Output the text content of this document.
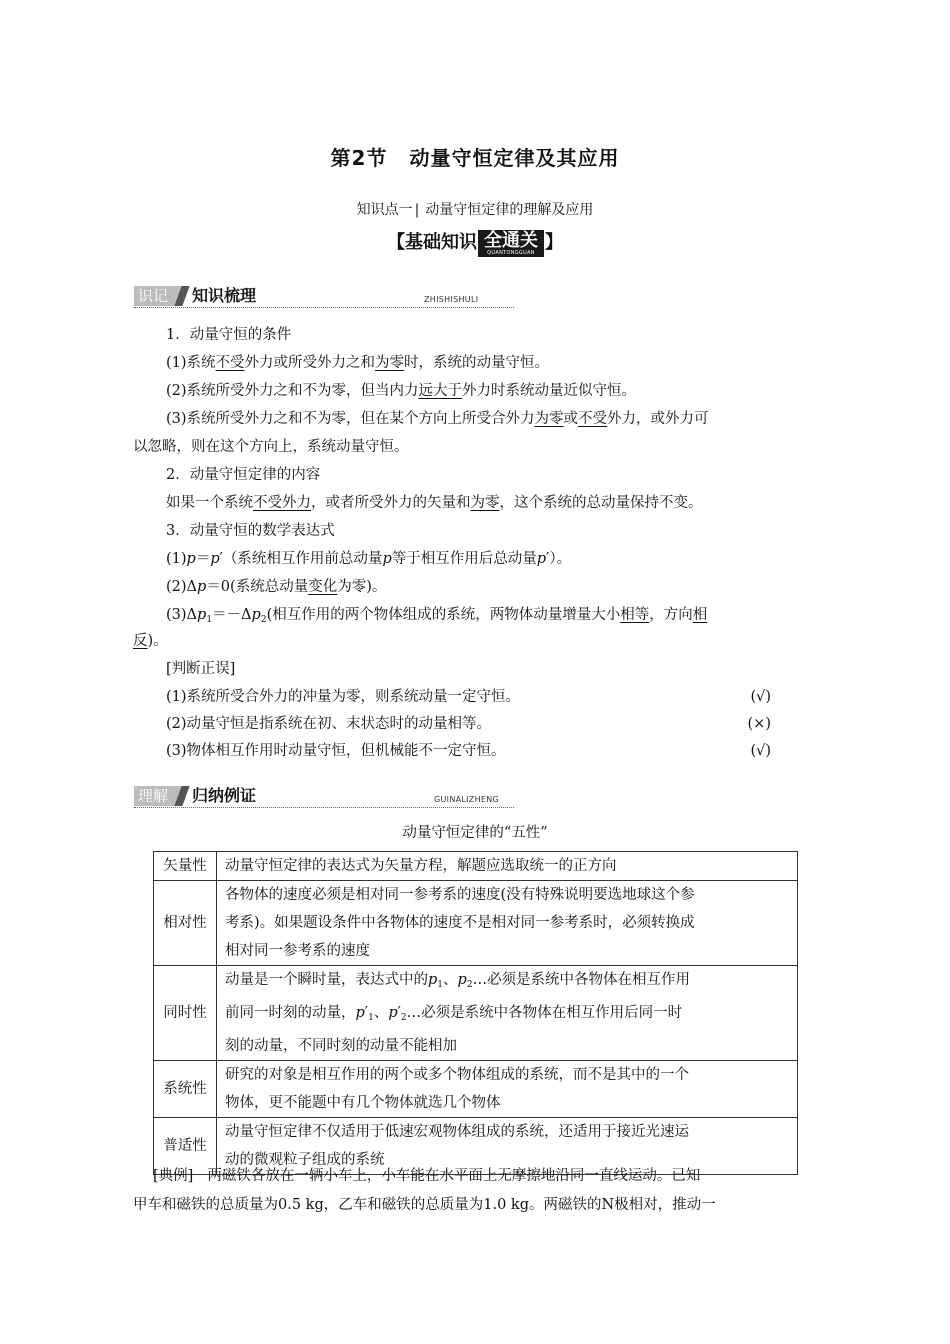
第2节 动量守恒定律及其应用
知识点一 | 动量守恒定律的理解及应用
【基础知识 全通关
QUANTONGGUAN 】
识记	知识梳理	ZHISHISHULI
1．动量守恒的条件
(1)系统不受外力或所受外力之和为零时，系统的动量守恒。
(2)系统所受外力之和不为零，但当内力远大于外力时系统动量近似守恒。
(3)系统所受外力之和不为零，但在某个方向上所受合外力为零或不受外力，或外力可
以忽略，则在这个方向上，系统动量守恒。
2．动量守恒定律的内容
如果一个系统不受外力，或者所受外力的矢量和为零，这个系统的总动量保持不变。
3．动量守恒的数学表达式
(1)p＝p′（系统相互作用前总动量p等于相互作用后总动量p′）。
(2)Δp＝0(系统总动量变化为零)。
$(3)\Delta p_1=-\Delta p_2$(相互作用的两个物体组成的系统，两物体动量增量大小相等，方向相
反)。
[判断正误]
(1)系统所受合外力的冲量为零，则系统动量一定守恒。	(√)
(2)动量守恒是指系统在初、末状态时的动量相等。	(×)
(3)物体相互作用时动量守恒，但机械能不一定守恒。	(√)
理解	归纳例证	GUINALIZHENG
动量守恒定律的“五性”
矢量性	动量守恒定律的表达式为矢量方程，解题应选取统一的正方向

相对性	各物体的速度必须是相对同一参考系的速度(没有特殊说明要选地球这个参
考系)。如果题设条件中各物体的速度不是相对同一参考系时，必须转换成
相对同一参考系的速度

同时性	动量是一个瞬时量，表达式中的$p_1$、$p_2\dots$必须是系统中各物体在相互作用
前同一时刻的动量，$p'_1$、$p'_2\dots$必须是系统中各物体在相互作用后同一时
刻的动量，不同时刻的动量不能相加

系统性	研究的对象是相互作用的两个或多个物体组成的系统，而不是其中的一个
物体，更不能题中有几个物体就选几个物体

普适性	动量守恒定律不仅适用于低速宏观物体组成的系统，还适用于接近光速运
动的微观粒子组成的系统
[典例] 两磁铁各放在一辆小车上，小车能在水平面上无摩擦地沿同一直线运动。已知
甲车和磁铁的总质量为0.5 kg，乙车和磁铁的总质量为1.0 kg。两磁铁的N极相对，推动一
